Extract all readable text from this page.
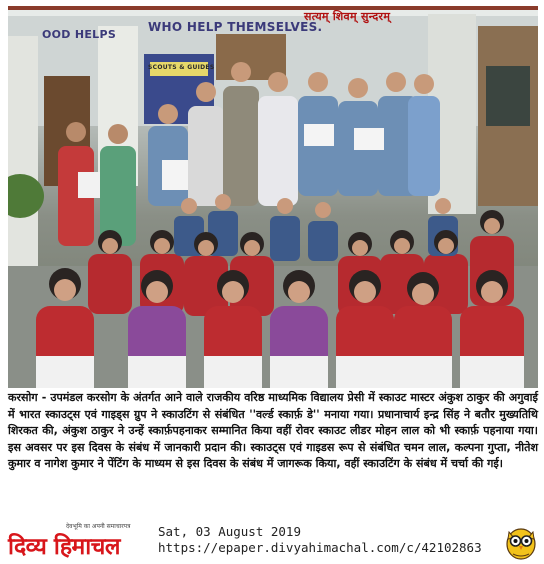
OOD HELPS
WHO HELP THEMSELVES.
सत्यम् शिवम् सुन्दरम्
SCOUTS & GUIDES

करसोग - उपमंडल करसोग के अंतर्गत आने वाले राजकीय वरिष्ठ माध्यमिक विद्यालय प्रेसी में स्काउट मास्टर अंकुश ठाकुर की अगुवाई में भारत स्काउट्स एवं गाइड्स ग्रुप ने स्काउटिंग से संबंधित ''वर्ल्ड स्कार्फ़ डे'' मनाया गया। प्रधानाचार्य इन्द्र सिंह ने बतौर मुख्यतिथि शिरकत की, अंकुश ठाकुर ने उन्हें स्कार्फ़पहनाकर सम्मानित किया वहीं रोवर स्काउट लीडर मोहन लाल को भी स्कार्फ़ पहनाया गया। इस अवसर पर इस दिवस के संबंध में जानकारी प्रदान की। स्काउट्स एवं गाइडस रूप से संबंधित चमन लाल, कल्पना गुप्ता, नीतेश कुमार व नागेश कुमार ने पेंटिंग के माध्यम से इस दिवस के संबंध में जागरूक किया, वहीं स्काउटिंग के संबंध में चर्चा की गई।

देवभूमि का अपनी समाचारपत्र
दिव्य हिमाचल
Sat, 03 August 2019
https://epaper.divyahimachal.com/c/42102863
